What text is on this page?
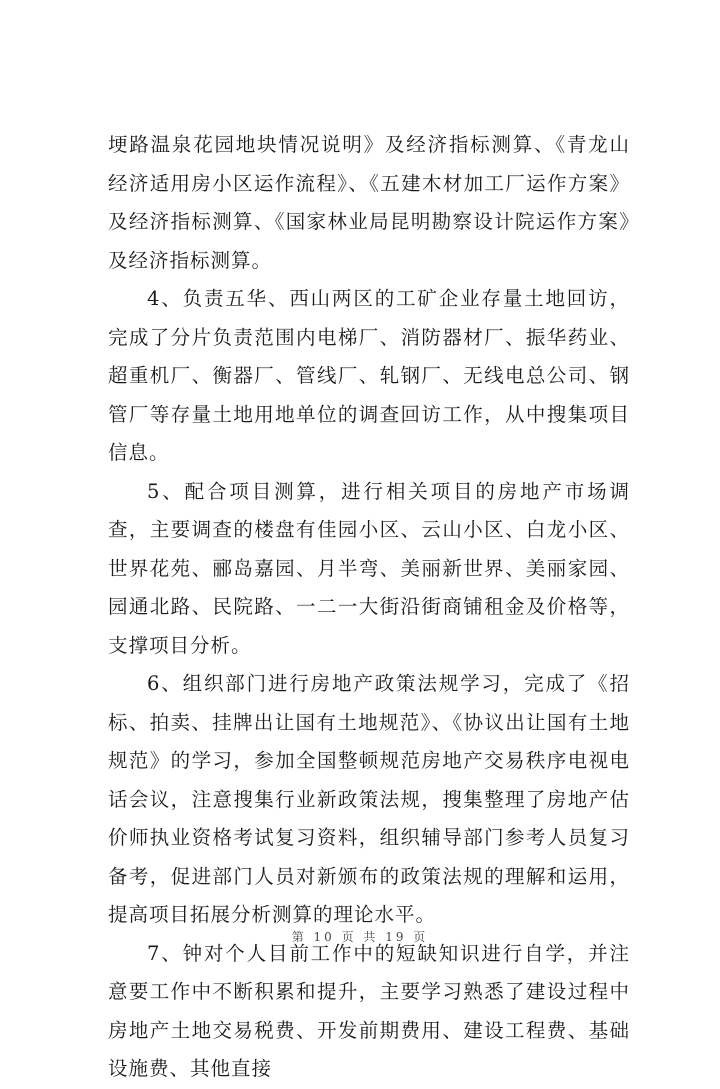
埂路温泉花园地块情况说明》及经济指标测算、《青龙山经济适用房小区运作流程》、《五建木材加工厂运作方案》及经济指标测算、《国家林业局昆明勘察设计院运作方案》及经济指标测算。

4、负责五华、西山两区的工矿企业存量土地回访，完成了分片负责范围内电梯厂、消防器材厂、振华药业、超重机厂、衡器厂、管线厂、轧钢厂、无线电总公司、钢管厂等存量土地用地单位的调查回访工作，从中搜集项目信息。

5、配合项目测算，进行相关项目的房地产市场调查，主要调查的楼盘有佳园小区、云山小区、白龙小区、世界花苑、郦岛嘉园、月半弯、美丽新世界、美丽家园、园通北路、民院路、一二一大街沿街商铺租金及价格等，支撑项目分析。

6、组织部门进行房地产政策法规学习，完成了《招标、拍卖、挂牌出让国有土地规范》、《协议出让国有土地规范》的学习，参加全国整顿规范房地产交易秩序电视电话会议，注意搜集行业新政策法规，搜集整理了房地产估价师执业资格考试复习资料，组织辅导部门参考人员复习备考，促进部门人员对新颁布的政策法规的理解和运用，提高项目拓展分析测算的理论水平。

7、钟对个人目前工作中的短缺知识进行自学，并注意要工作中不断积累和提升，主要学习熟悉了建设过程中房地产土地交易税费、开发前期费用、建设工程费、基础设施费、其他直接

第 10 页 共 19 页
